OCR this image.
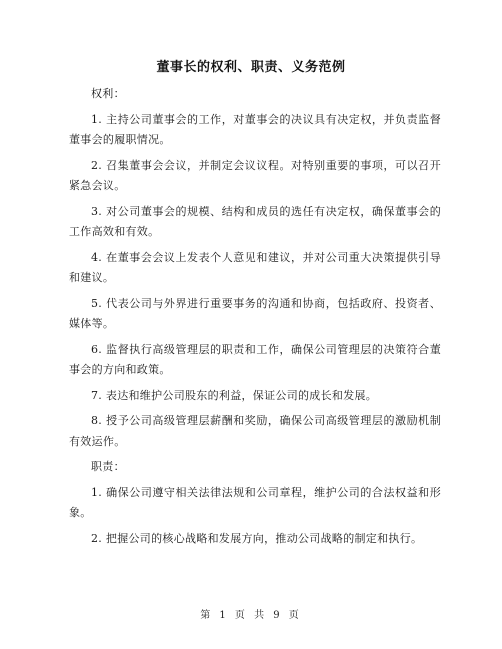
董事长的权利、职责、义务范例

权利：

1. 主持公司董事会的工作，对董事会的决议具有决定权，并负责监督董事会的履职情况。

2. 召集董事会会议，并制定会议议程。对特别重要的事项，可以召开紧急会议。

3. 对公司董事会的规模、结构和成员的选任有决定权，确保董事会的工作高效和有效。

4. 在董事会会议上发表个人意见和建议，并对公司重大决策提供引导和建议。

5. 代表公司与外界进行重要事务的沟通和协商，包括政府、投资者、媒体等。

6. 监督执行高级管理层的职责和工作，确保公司管理层的决策符合董事会的方向和政策。

7. 表达和维护公司股东的利益，保证公司的成长和发展。

8. 授予公司高级管理层薪酬和奖励，确保公司高级管理层的激励机制有效运作。

职责：

1. 确保公司遵守相关法律法规和公司章程，维护公司的合法权益和形象。

2. 把握公司的核心战略和发展方向，推动公司战略的制定和执行。

第 1 页 共 9 页
